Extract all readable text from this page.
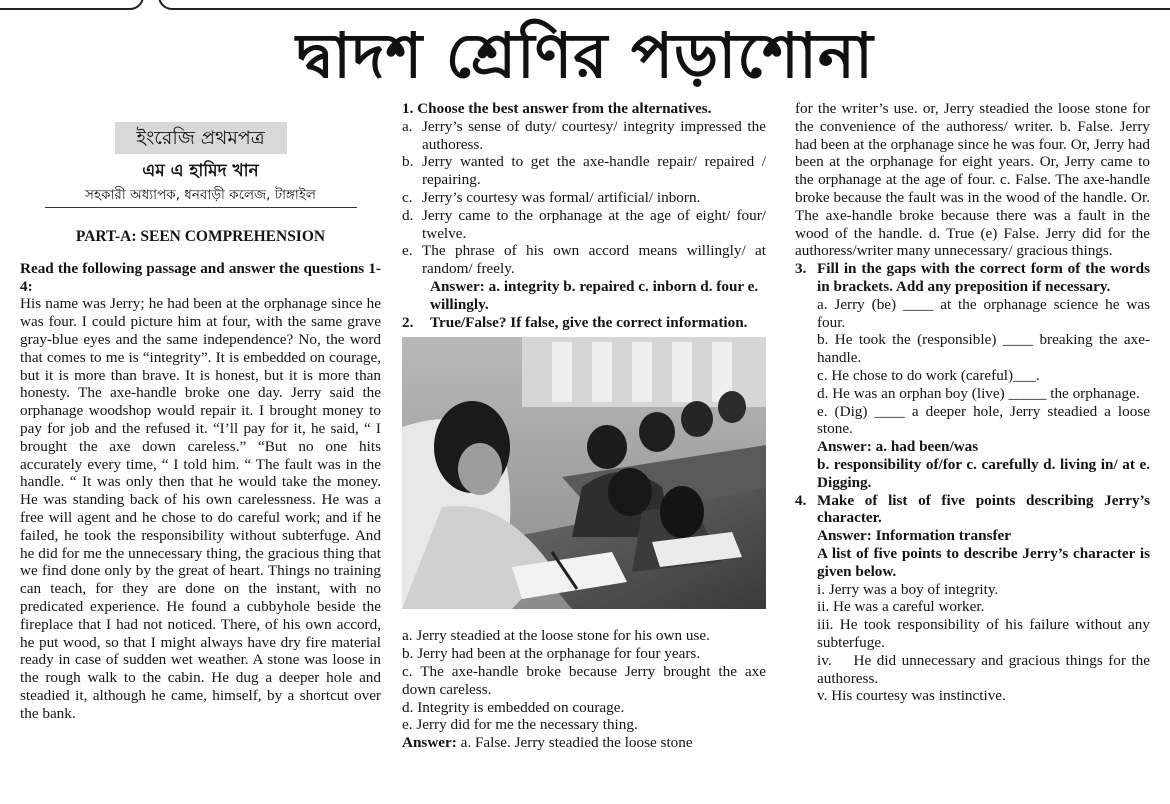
দ্বাদশ শ্রেণির পড়াশোনা
ইংরেজি প্রথমপত্র
এম এ হামিদ খান
সহকারী অধ্যাপক, ধনবাড়ী কলেজ, টাঙ্গাইল
PART-A: SEEN COMPREHENSION

Read the following passage and answer the questions 1-4:

His name was Jerry; he had been at the orphanage since he was four. I could picture him at four, with the same grave gray-blue eyes and the same independence? No, the word that comes to me is “integrity”. It is embedded on courage, but it is more than brave. It is honest, but it is more than honesty. The axe-handle broke one day. Jerry said the orphanage woodshop would repair it. I brought money to pay for job and the refused it. “I’ll pay for it, he said, “ I brought the axe down careless.” “But no one hits accurately every time, “ I told him. “ The fault was in the handle. “ It was only then that he would take the money. He was standing back of his own carelessness. He was a free will agent and he chose to do careful work; and if he failed, he took the responsibility without subterfuge. And he did for me the unnecessary thing, the gracious thing that we find done only by the great of heart. Things no training can teach, for they are done on the instant, with no predicated experience. He found a cubbyhole beside the fireplace that I had not noticed. There, of his own accord, he put wood, so that I might always have dry fire material ready in case of sudden wet weather. A stone was loose in the rough walk to the cabin. He dug a deeper hole and steadied it, although he came, himself, by a shortcut over the bank.

1. Choose the best answer from the alternatives.

a. Jerry’s sense of duty/ courtesy/ integrity impressed the authoress.
b. Jerry wanted to get the axe-handle repair/ repaired / repairing.
c. Jerry’s courtesy was formal/ artificial/ inborn.
d. Jerry came to the orphanage at the age of eight/ four/ twelve.
e. The phrase of his own accord means willingly/ at random/ freely.

Answer: a. integrity b. repaired c. inborn d. four e. willingly.

2.	True/False? If false, give the correct information.

a. Jerry steadied at the loose stone for his own use.

b. Jerry had been at the orphanage for four years.

c. The axe-handle broke because Jerry brought the axe down careless.

d. Integrity is embedded on courage.

e. Jerry did for me the necessary thing.

Answer: a. False. Jerry steadied the loose stone

for the writer’s use. or, Jerry steadied the loose stone for the convenience of the authoress/ writer. b. False. Jerry had been at the orphanage since he was four. Or, Jerry had been at the orphanage for eight years. Or, Jerry came to the orphanage at the age of four. c. False. The axe-handle broke because the fault was in the wood of the handle. Or. The axe-handle broke because there was a fault in the wood of the handle. d. True (e) False. Jerry did for the authoress/writer many unnecessary/ gracious things.

3. Fill in the gaps with the correct form of the words in brackets. Add any preposition if necessary.

a. Jerry (be) ____ at the orphanage science he was four.

b. He took the (responsible) ____ breaking the axe-handle.

c. He chose to do work (careful)___.

d. He was an orphan boy (live) _____ the orphanage.

e. (Dig) ____ a deeper hole, Jerry steadied a loose stone.

Answer: a. had been/was

b. responsibility of/for c. carefully d. living in/ at e. Digging.

4. Make of list of five points describing Jerry’s character.

Answer: Information transfer

A list of five points to describe Jerry’s character is given below.

i. Jerry was a boy of integrity.

ii. He was a careful worker.

iii. He took responsibility of his failure without any subterfuge.

iv.    He did unnecessary and gracious things for the authoress.

v. His courtesy was instinctive.
